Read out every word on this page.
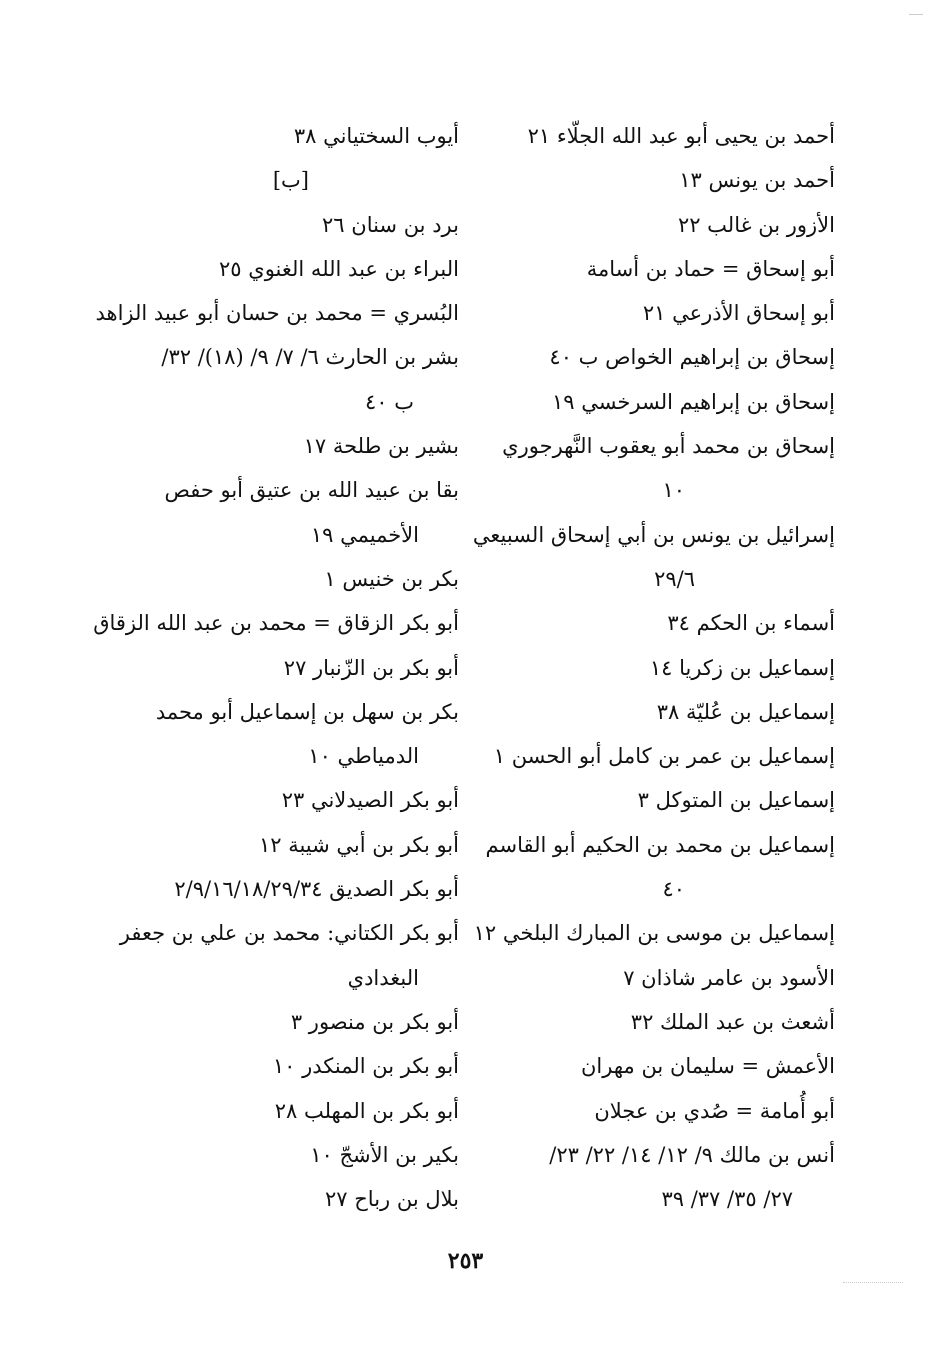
أحمد بن يحيى أبو عبد الله الجلّاء ٢١
أحمد بن يونس ١٣
الأزور بن غالب ٢٢
أبو إسحاق = حماد بن أسامة
أبو إسحاق الأذرعي ٢١
إسحاق بن إبراهيم الخواص ب ٤٠
إسحاق بن إبراهيم السرخسي ١٩
إسحاق بن محمد أبو يعقوب النَّهرجوري
١٠
إسرائيل بن يونس بن أبي إسحاق السبيعي
٢٩/٦
أسماء بن الحكم ٣٤
إسماعيل بن زكريا ١٤
إسماعيل بن عُليّة ٣٨
إسماعيل بن عمر بن كامل أبو الحسن ١
إسماعيل بن المتوكل ٣
إسماعيل بن محمد بن الحكيم أبو القاسم
٤٠
إسماعيل بن موسى بن المبارك البلخي ١٢
الأسود بن عامر شاذان ٧
أشعث بن عبد الملك ٣٢
الأعمش = سليمان بن مهران
أبو أُمامة = صُدي بن عجلان
أنس بن مالك ٩/ ١٢/ ١٤/ ٢٢/ ٢٣/
٢٧/ ٣٥/ ٣٧/ ٣٩
أيوب السختياني ٣٨
[ب]
برد بن سنان ٢٦
البراء بن عبد الله الغنوي ٢٥
البُسري = محمد بن حسان أبو عبيد الزاهد
بشر بن الحارث ٦/ ٧/ ٩/ (١٨)/ ٣٢/
ب ٤٠
بشير بن طلحة ١٧
بقا بن عبيد الله بن عتيق أبو حفص
الأخميمي ١٩
بكر بن خنيس ١
أبو بكر الزقاق = محمد بن عبد الله الزقاق
أبو بكر بن الزّنبار ٢٧
بكر بن سهل بن إسماعيل أبو محمد
الدمياطي ١٠
أبو بكر الصيدلاني ٢٣
أبو بكر بن أبي شيبة ١٢
أبو بكر الصديق ٢/٩/١٦/١٨/٢٩/٣٤
أبو بكر الكتاني: محمد بن علي بن جعفر
البغدادي
أبو بكر بن منصور ٣
أبو بكر بن المنكدر ١٠
أبو بكر بن المهلب ٢٨
بكير بن الأشجّ ١٠
بلال بن رباح ٢٧
٢٥٣
